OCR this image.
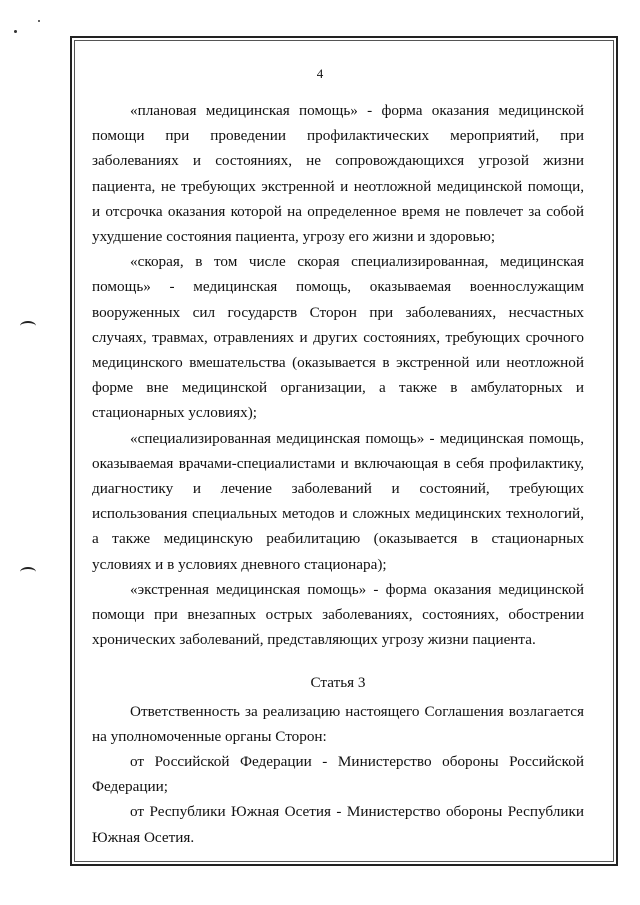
4

«плановая медицинская помощь» - форма оказания медицинской помощи при проведении профилактических мероприятий, при заболеваниях и состояниях, не сопровождающихся угрозой жизни пациента, не требующих экстренной и неотложной медицинской помощи, и отсрочка оказания которой на определенное время не повлечет за собой ухудшение состояния пациента, угрозу его жизни и здоровью;

«скорая, в том числе скорая специализированная, медицинская помощь» - медицинская помощь, оказываемая военнослужащим вооруженных сил государств Сторон при заболеваниях, несчастных случаях, травмах, отравлениях и других состояниях, требующих срочного медицинского вмешательства (оказывается в экстренной или неотложной форме вне медицинской организации, а также в амбулаторных и стационарных условиях);

«специализированная медицинская помощь» - медицинская помощь, оказываемая врачами-специалистами и включающая в себя профилактику, диагностику и лечение заболеваний и состояний, требующих использования специальных методов и сложных медицинских технологий, а также медицинскую реабилитацию (оказывается в стационарных условиях и в условиях дневного стационара);

«экстренная медицинская помощь» - форма оказания медицинской помощи при внезапных острых заболеваниях, состояниях, обострении хронических заболеваний, представляющих угрозу жизни пациента.

Статья 3

Ответственность за реализацию настоящего Соглашения возлагается на уполномоченные органы Сторон:

от Российской Федерации - Министерство обороны Российской Федерации;

от Республики Южная Осетия - Министерство обороны Республики Южная Осетия.
